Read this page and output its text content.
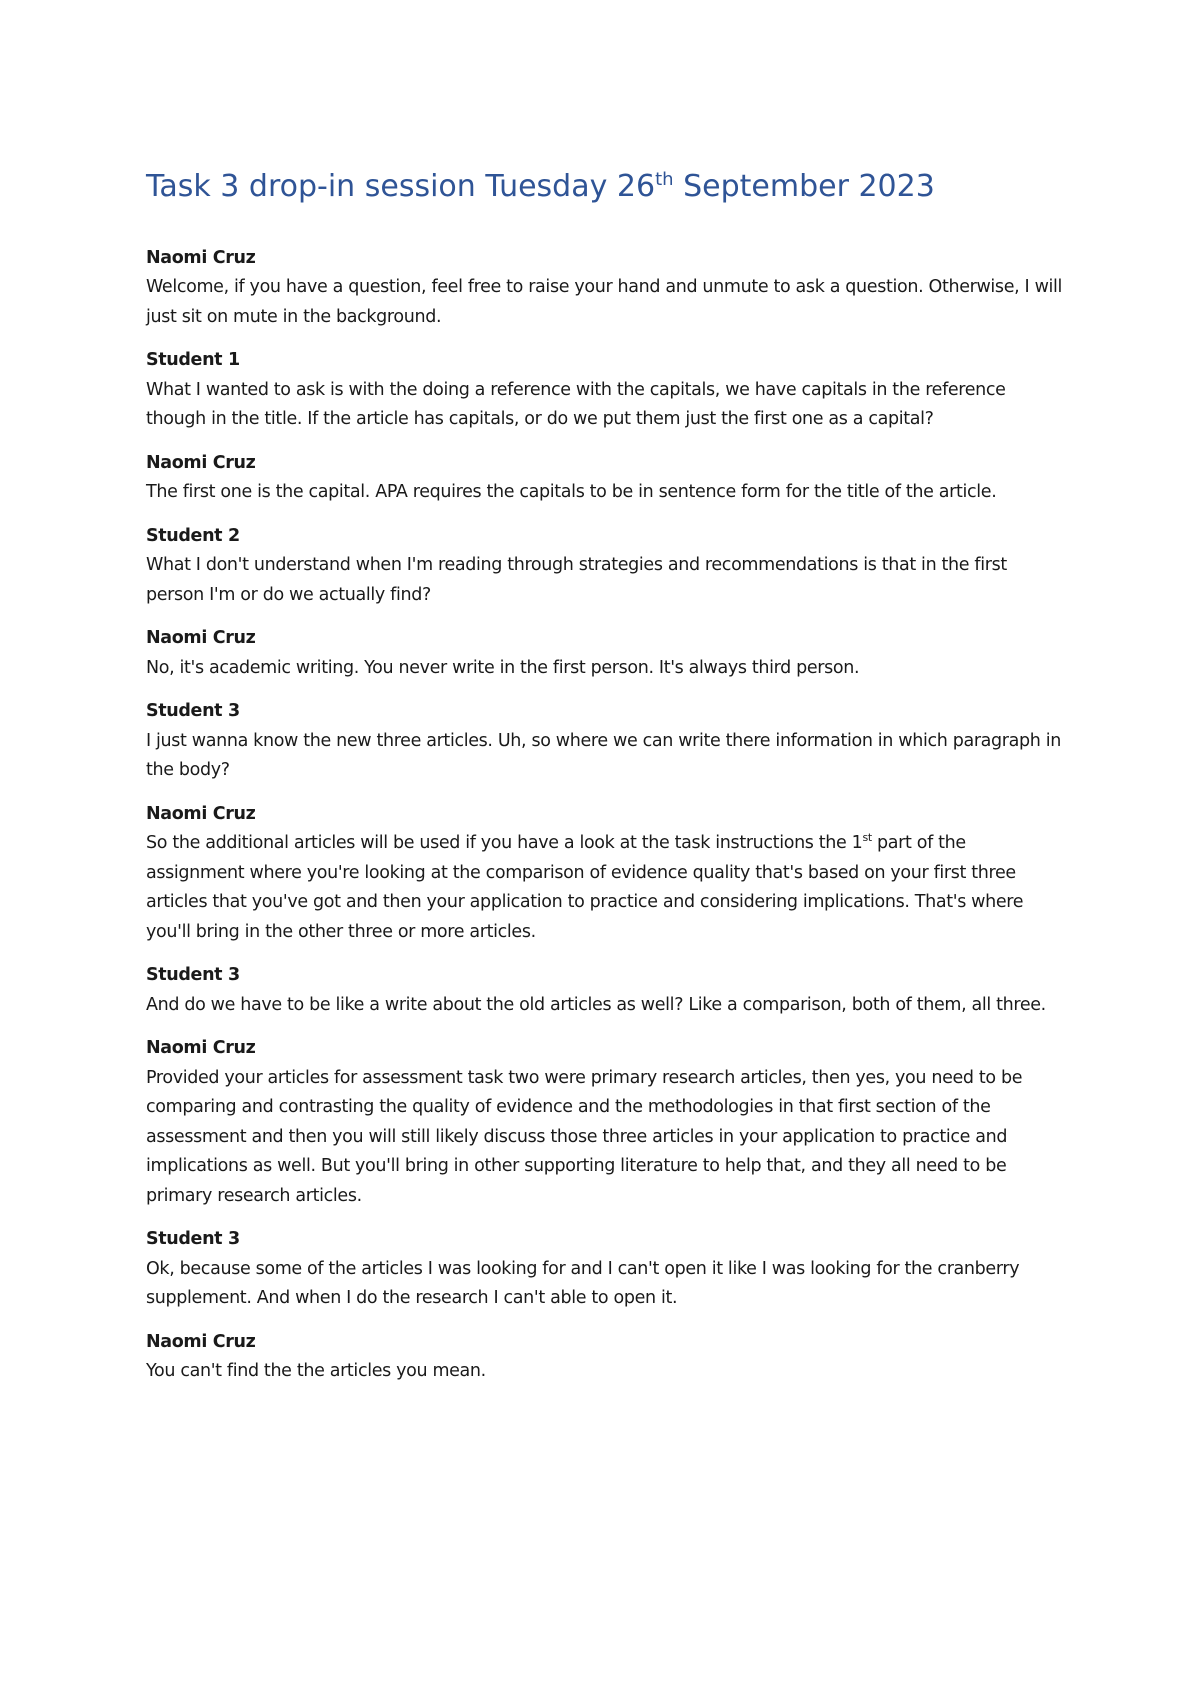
Task 3 drop-in session Tuesday 26th September 2023

Naomi Cruz
Welcome, if you have a question, feel free to raise your hand and unmute to ask a question. Otherwise, I will just sit on mute in the background.

Student 1
What I wanted to ask is with the doing a reference with the capitals, we have capitals in the reference though in the title. If the article has capitals, or do we put them just the first one as a capital?

Naomi Cruz
The first one is the capital. APA requires the capitals to be in sentence form for the title of the article.

Student 2
What I don't understand when I'm reading through strategies and recommendations is that in the first person I'm or do we actually find?

Naomi Cruz
No, it's academic writing. You never write in the first person. It's always third person.

Student 3
I just wanna know the new three articles. Uh, so where we can write there information in which paragraph in the body?

Naomi Cruz
So the additional articles will be used if you have a look at the task instructions the 1st part of the assignment where you're looking at the comparison of evidence quality that's based on your first three articles that you've got and then your application to practice and considering implications. That's where you'll bring in the other three or more articles.

Student 3
And do we have to be like a write about the old articles as well? Like a comparison, both of them, all three.

Naomi Cruz
Provided your articles for assessment task two were primary research articles, then yes, you need to be comparing and contrasting the quality of evidence and the methodologies in that first section of the assessment and then you will still likely discuss those three articles in your application to practice and implications as well. But you'll bring in other supporting literature to help that, and they all need to be primary research articles.

Student 3
Ok, because some of the articles I was looking for and I can't open it like I was looking for the cranberry supplement. And when I do the research I can't able to open it.

Naomi Cruz
You can't find the the articles you mean.
